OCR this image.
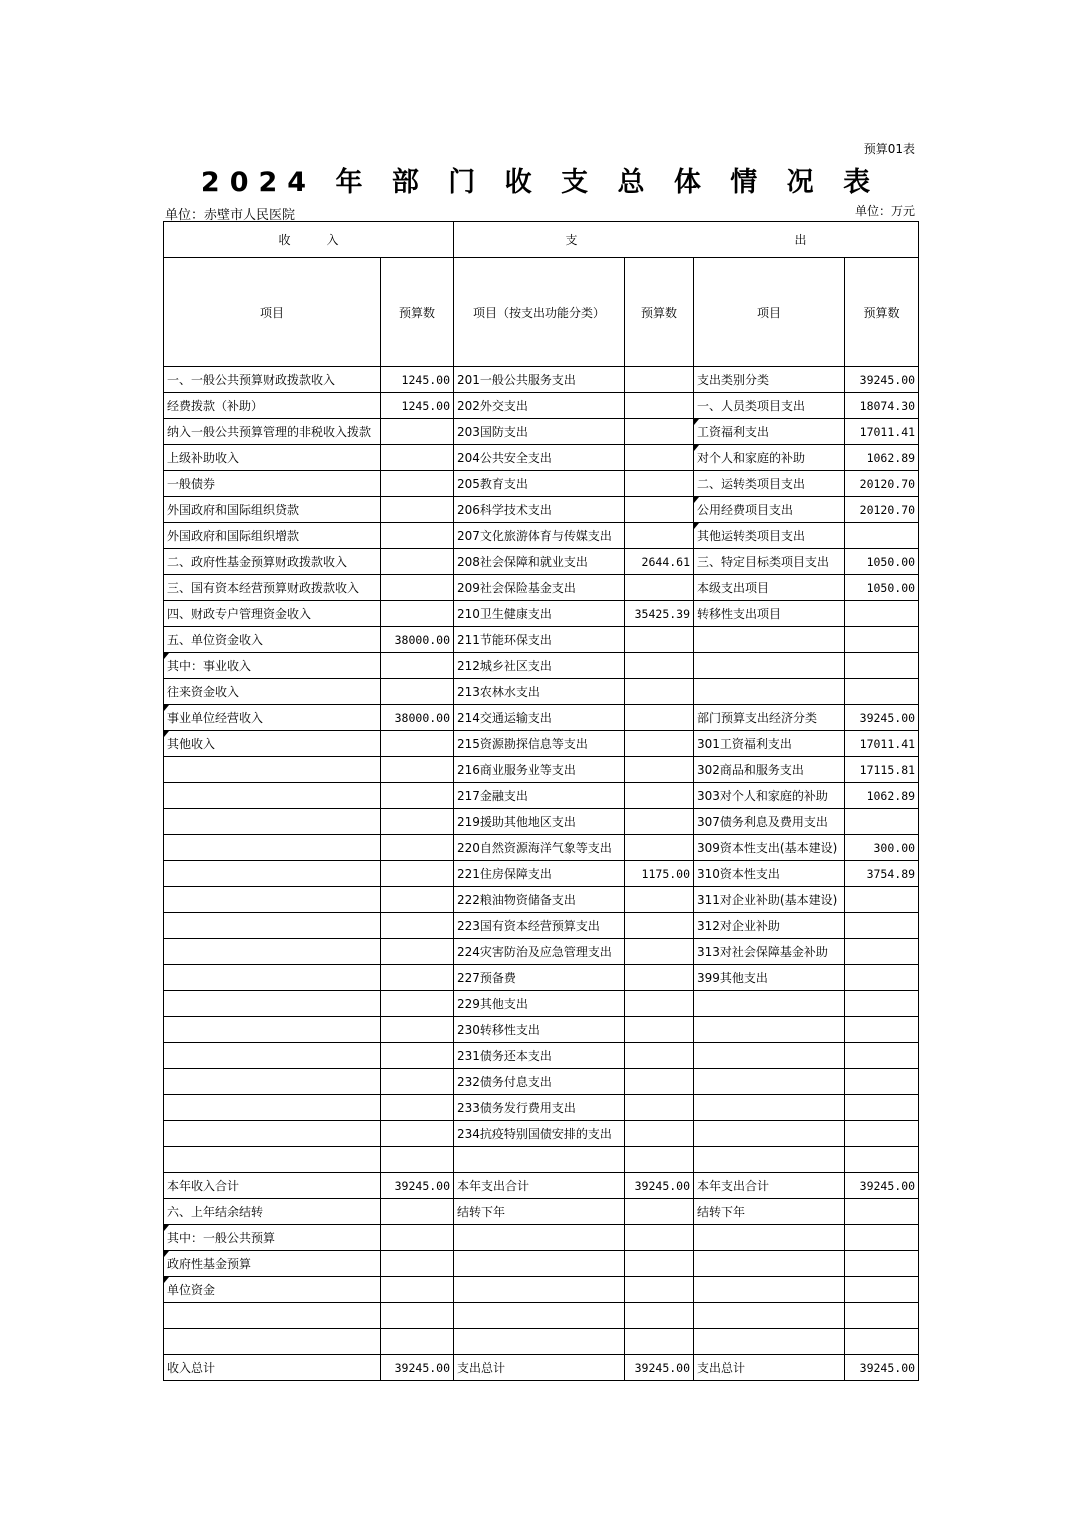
预算01表
2024 年 部 门 收 支 总 体 情 况 表
单位：赤壁市人民医院	单位：万元
收　　　入		支 出			

项目	预算数	项目（按支出功能分类）	预算数	项目	预算数
一、一般公共预算财政拨款收入	1245.00	201一般公共服务支出		支出类别分类	39245.00
经费拨款（补助）	1245.00	202外交支出		一、人员类项目支出	18074.30
纳入一般公共预算管理的非税收入拨款		203国防支出		工资福利支出	17011.41
上级补助收入		204公共安全支出		对个人和家庭的补助	1062.89
一般债券		205教育支出		二、运转类项目支出	20120.70
外国政府和国际组织贷款		206科学技术支出		公用经费项目支出	20120.70
外国政府和国际组织增款		207文化旅游体育与传媒支出		其他运转类项目支出	
二、政府性基金预算财政拨款收入		208社会保障和就业支出	2644.61	三、特定目标类项目支出	1050.00
三、国有资本经营预算财政拨款收入		209社会保险基金支出		本级支出项目	1050.00
四、财政专户管理资金收入		210卫生健康支出	35425.39	转移性支出项目	
五、单位资金收入	38000.00	211节能环保支出			
其中：事业收入		212城乡社区支出			
往来资金收入		213农林水支出			
事业单位经营收入	38000.00	214交通运输支出		部门预算支出经济分类	39245.00
其他收入		215资源勘探信息等支出		301工资福利支出	17011.41
		216商业服务业等支出		302商品和服务支出	17115.81
		217金融支出		303对个人和家庭的补助	1062.89
		219援助其他地区支出		307债务利息及费用支出	
		220自然资源海洋气象等支出		309资本性支出(基本建设)	300.00
		221住房保障支出	1175.00	310资本性支出	3754.89
		222粮油物资储备支出		311对企业补助(基本建设)	
		223国有资本经营预算支出		312对企业补助	
		224灾害防治及应急管理支出		313对社会保障基金补助	
		227预备费		399其他支出	
		229其他支出			
		230转移性支出			
		231债务还本支出			
		232债务付息支出			
		233债务发行费用支出			
		234抗疫特别国债安排的支出			

本年收入合计	39245.00	本年支出合计	39245.00	本年支出合计	39245.00
六、上年结余结转		结转下年		结转下年	
其中：一般公共预算					
政府性基金预算					
单位资金					

收入总计	39245.00	支出总计	39245.00	支出总计	39245.00
